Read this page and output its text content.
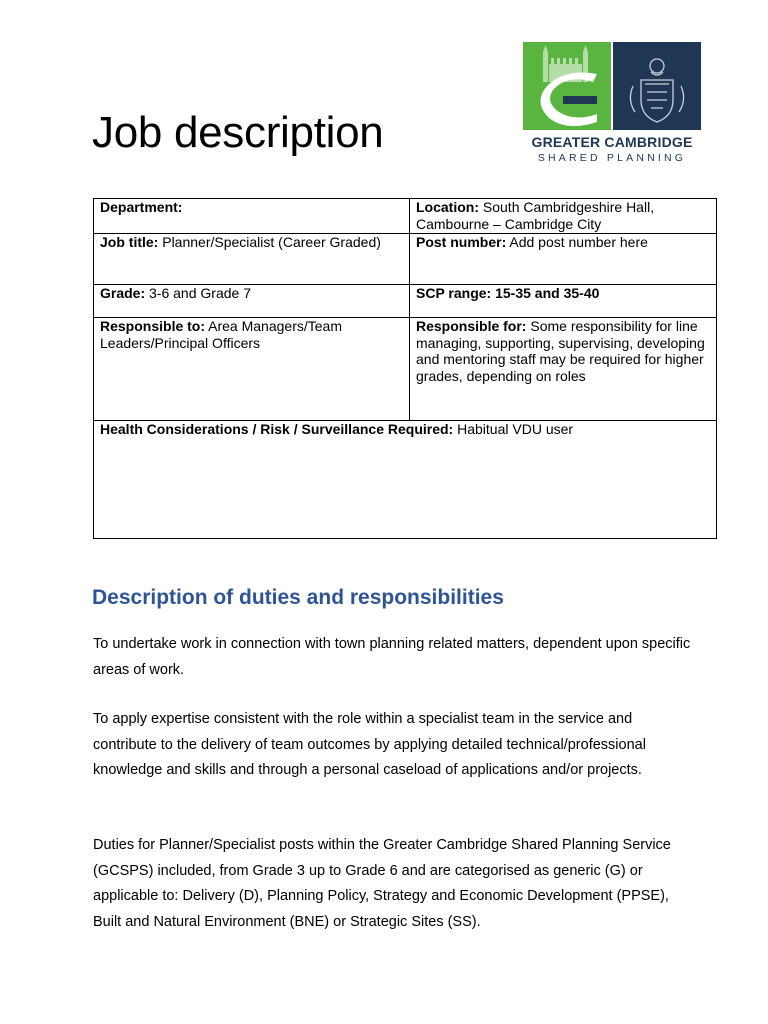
Job description	GREATER CAMBRIDGE
SHARED PLANNING
Department:	Location: South Cambridgeshire Hall, Cambourne – Cambridge City
Job title: Planner/Specialist (Career Graded)	Post number: Add post number here
Grade: 3-6 and Grade 7	SCP range: 15-35 and 35-40
Responsible to: Area Managers/Team Leaders/Principal Officers	Responsible for: Some responsibility for line managing, supporting, supervising, developing and mentoring staff may be required for higher grades, depending on roles
Health Considerations / Risk / Surveillance Required: Habitual VDU user	
Description of duties and responsibilities

To undertake work in connection with town planning related matters, dependent upon specific areas of work.

To apply expertise consistent with the role within a specialist team in the service and contribute to the delivery of team outcomes by applying detailed technical/professional knowledge and skills and through a personal caseload of applications and/or projects.

Duties for Planner/Specialist posts within the Greater Cambridge Shared Planning Service (GCSPS) included, from Grade 3 up to Grade 6 and are categorised as generic (G) or applicable to: Delivery (D), Planning Policy, Strategy and Economic Development (PPSE), Built and Natural Environment (BNE) or Strategic Sites (SS).
